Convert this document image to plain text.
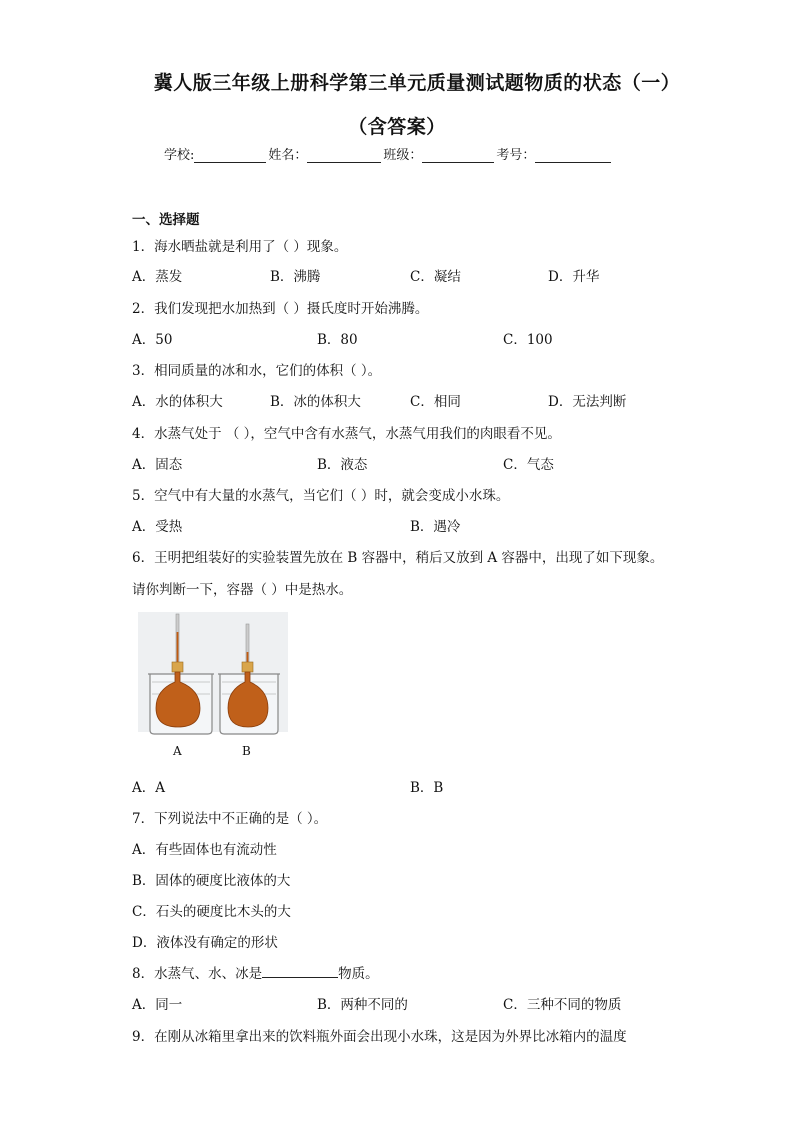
冀人版三年级上册科学第三单元质量测试题物质的状态（一）
（含答案）
学校:	姓名：	班级：	考号：
一、选择题
1．海水晒盐就是利用了（ ）现象。
A．蒸发	B．沸腾	C．凝结	D．升华
2．我们发现把水加热到（ ）摄氏度时开始沸腾。
A．50	B．80	C．100
3．相同质量的冰和水，它们的体积（ ）。
A．水的体积大	B．冰的体积大	C．相同	D．无法判断
4．水蒸气处于 （ ），空气中含有水蒸气，水蒸气用我们的肉眼看不见。
A．固态	B．液态	C．气态
5．空气中有大量的水蒸气，当它们（ ）时，就会变成小水珠。
A．受热	B．遇冷
6．王明把组装好的实验装置先放在 B 容器中，稍后又放到 A 容器中，出现了如下现象。
请你判断一下，容器（ ）中是热水。
A	B
A．A	B．B
7．下列说法中不正确的是（ ）。
A．有些固体也有流动性
B．固体的硬度比液体的大
C．石头的硬度比木头的大
D．液体没有确定的形状
8．水蒸气、水、冰是	物质。
A．同一	B．两种不同的	C．三种不同的物质
9．在刚从冰箱里拿出来的饮料瓶外面会出现小水珠，这是因为外界比冰箱内的温度
